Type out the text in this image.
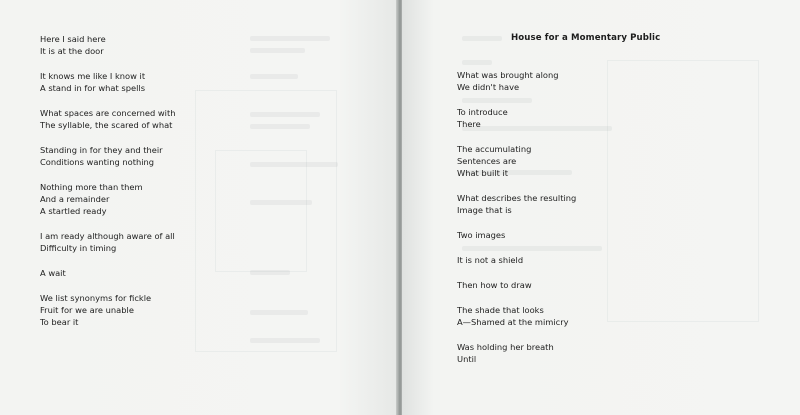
Here I said here
It is at the door
It knows me like I know it
A stand in for what spells
What spaces are concerned with
The syllable, the scared of what
Standing in for they and their
Conditions wanting nothing
Nothing more than them
And a remainder
A startled ready
I am ready although aware of all
Difficulty in timing
A wait
We list synonyms for fickle
Fruit for we are unable
To bear it
House for a Momentary Public
What was brought along
We didn't have
To introduce
There
The accumulating
Sentences are
What built it
What describes the resulting
Image that is
Two images
It is not a shield
Then how to draw
The shade that looks
A—Shamed at the mimicry
Was holding her breath
Until
